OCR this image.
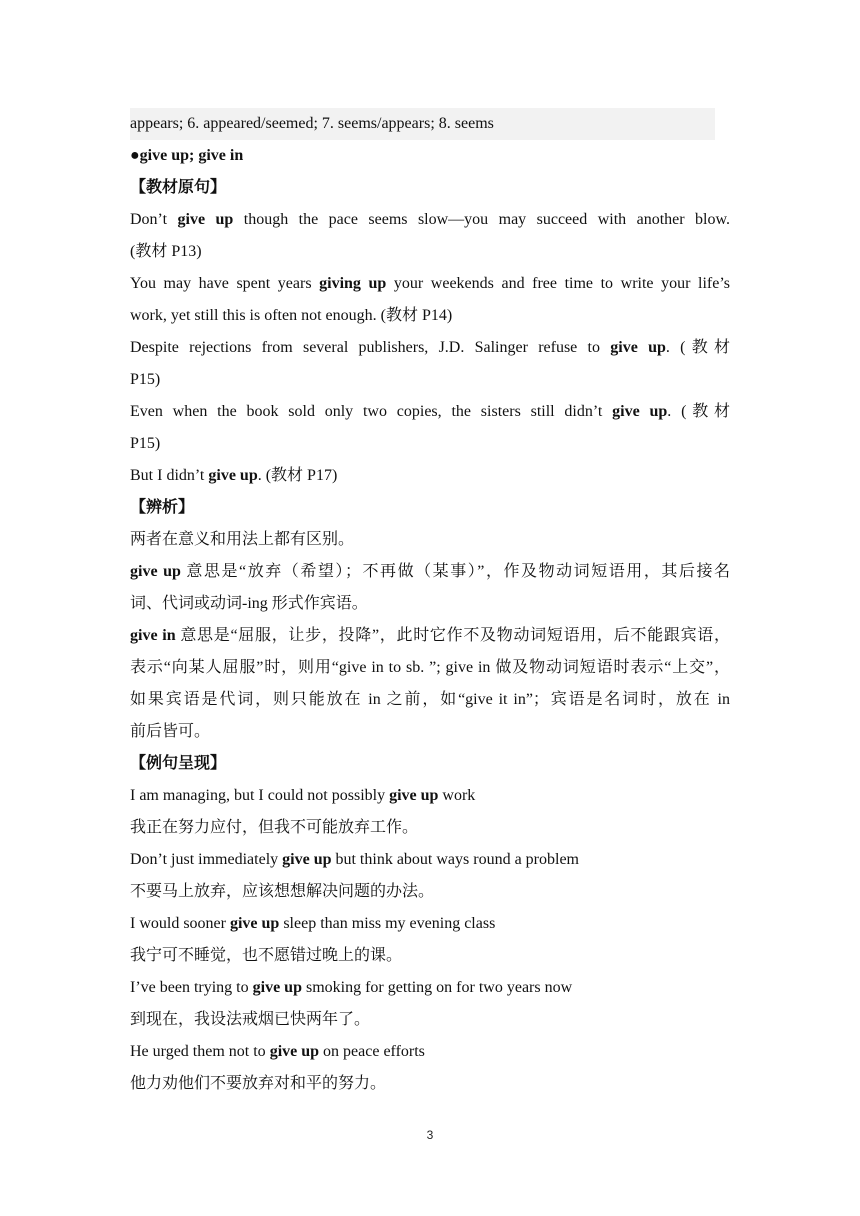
appears; 6. appeared/seemed; 7. seems/appears; 8. seems
●give up; give in
【教材原句】
Don’t give up though the pace seems slow—you may succeed with another blow.
(教材 P13)
You may have spent years giving up your weekends and free time to write your life’s
work, yet still this is often not enough. (教材 P14)
Despite rejections from several publishers, J.D. Salinger refuse to give up. (教材
P15)
Even when the book sold only two copies, the sisters still didn’t give up. (教材
P15)
But I didn’t give up. (教材 P17)
【辨析】
两者在意义和用法上都有区别。
give up 意思是“放弃（希望）；不再做（某事）”，作及物动词短语用，其后接名
词、代词或动词-ing 形式作宾语。
give in 意思是“屈服，让步，投降”，此时它作不及物动词短语用，后不能跟宾语，
表示“向某人屈服”时，则用“give in to sb. ”; give in 做及物动词短语时表示“上交”，
如果宾语是代词，则只能放在 in 之前，如“give it in”；宾语是名词时，放在 in
前后皆可。
【例句呈现】
I am managing, but I could not possibly give up work
我正在努力应付，但我不可能放弃工作。
Don’t just immediately give up but think about ways round a problem
不要马上放弃，应该想想解决问题的办法。
I would sooner give up sleep than miss my evening class
我宁可不睡觉，也不愿错过晚上的课。
I’ve been trying to give up smoking for getting on for two years now
到现在，我设法戒烟已快两年了。
He urged them not to give up on peace efforts
他力劝他们不要放弃对和平的努力。
3
